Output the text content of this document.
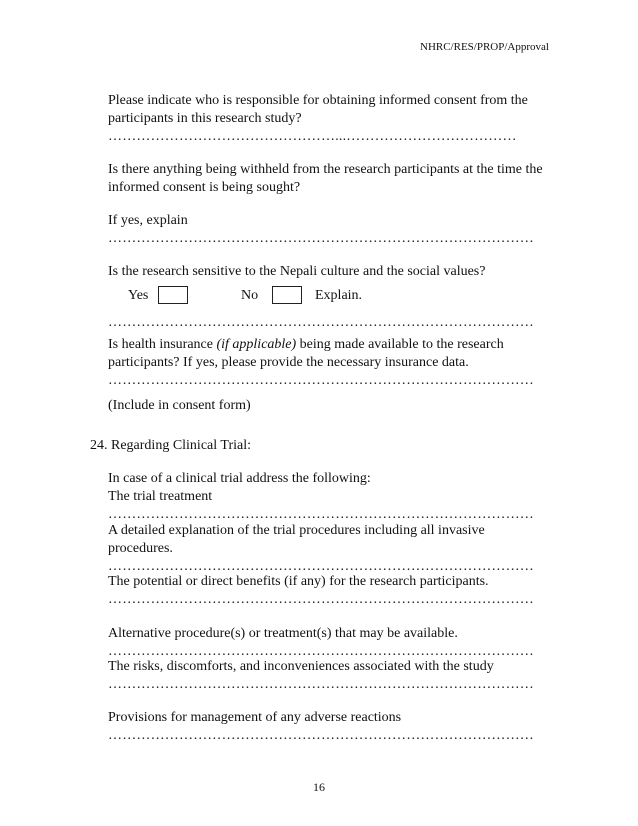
NHRC/RES/PROP/Approval
Please indicate who is responsible for obtaining informed consent from the
participants in this research study?
…………………………………………...………………………………
Is there anything being withheld from the research participants at the time the
informed consent is being sought?
If yes, explain
………………………………………………………………………………
Is the research sensitive to the Nepali culture and the social values?
Yes	No	Explain.
………………………………………………………………………………
Is health insurance (if applicable) being made available to the research
participants? If yes, please provide the necessary insurance data.
………………………………………………………………………………
(Include in consent form)
24. Regarding Clinical Trial:
In case of a clinical trial address the following:
The trial treatment
………………………………………………………………………………
A detailed explanation of the trial procedures including all invasive
procedures.
………………………………………………………………………………
The potential or direct benefits (if any) for the research participants.
………………………………………………………………………………
Alternative procedure(s) or treatment(s) that may be available.
………………………………………………………………………………
The risks, discomforts, and inconveniences associated with the study
………………………………………………………………………………
Provisions for management of any adverse reactions
………………………………………………………………………………
16
